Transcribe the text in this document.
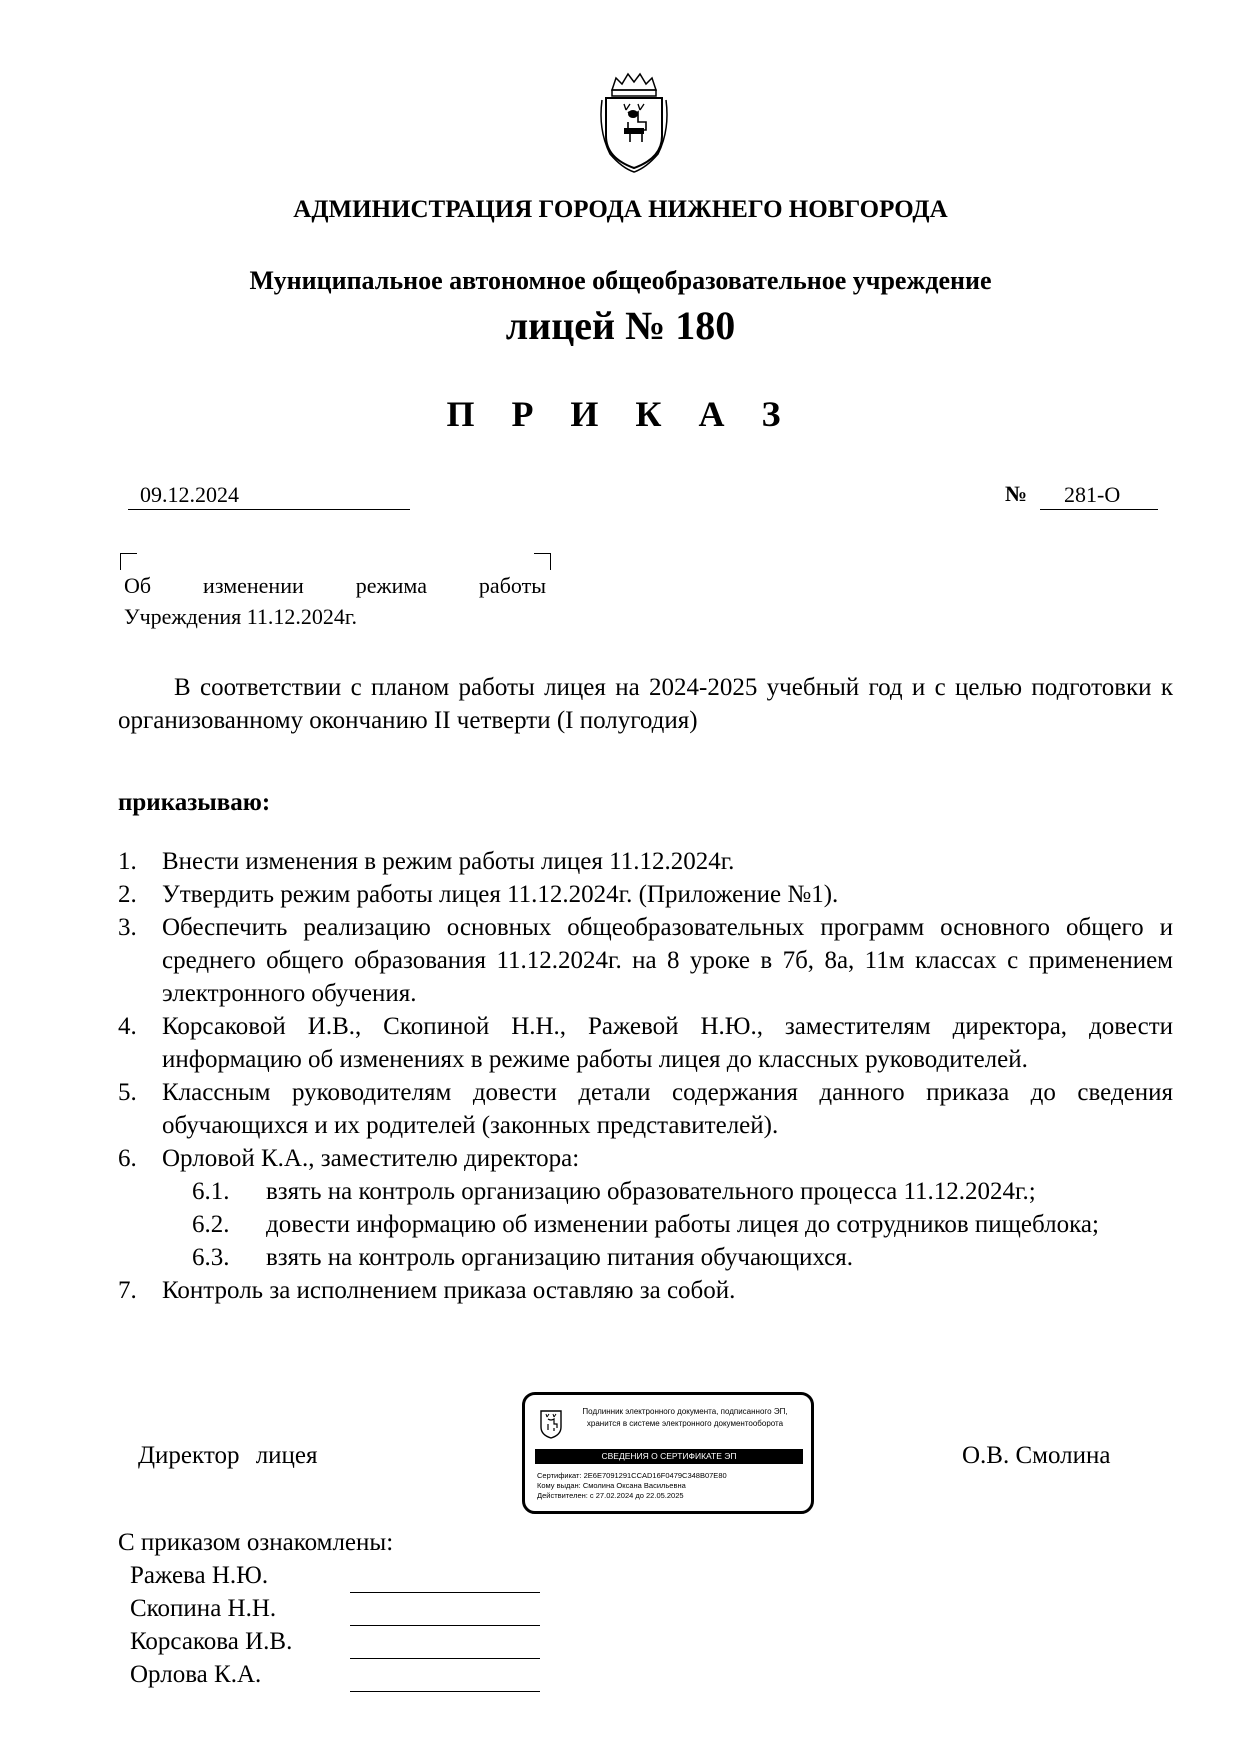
АДМИНИСТРАЦИЯ ГОРОДА НИЖНЕГО НОВГОРОДА
Муниципальное автономное общеобразовательное учреждение
лицей № 180
П Р И К А З
09.12.2024	№	281-О
Об изменении режима работы
Учреждения 11.12.2024г.
В соответствии с планом работы лицея на 2024-2025 учебный год и с целью подготовки к организованному окончанию II четверти (I полугодия)
приказываю:
1.	Внести изменения в режим работы лицея 11.12.2024г.
2.	Утвердить режим работы лицея 11.12.2024г. (Приложение №1).
3.	Обеспечить реализацию основных общеобразовательных программ основного общего и среднего общего образования 11.12.2024г. на 8 уроке в 7б, 8а, 11м классах с применением электронного обучения.
4.	Корсаковой И.В., Скопиной Н.Н., Ражевой Н.Ю., заместителям директора, довести информацию об изменениях в режиме работы лицея до классных руководителей.
5.	Классным руководителям довести детали содержания данного приказа до сведения обучающихся и их родителей (законных представителей).
6.	Орловой К.А., заместителю директора:
6.1.	взять на контроль организацию образовательного процесса 11.12.2024г.;
6.2.	довести информацию об изменении работы лицея до сотрудников пищеблока;
6.3.	взять на контроль организацию питания обучающихся.
7.	Контроль за исполнением приказа оставляю за собой.
Директор лицея	О.В. Смолина
Подлинник электронного документа, подписанного ЭП,
хранится в системе электронного документооборота
СВЕДЕНИЯ О СЕРТИФИКАТЕ ЭП
Сертификат: 2E6E7091291CCAD16F0479C348B07E80
Кому выдан: Смолина Оксана Васильевна
Действителен: с 27.02.2024 до 22.05.2025
С приказом ознакомлены:
Ражева Н.Ю.
Скопина Н.Н.
Корсакова И.В.
Орлова К.А.
